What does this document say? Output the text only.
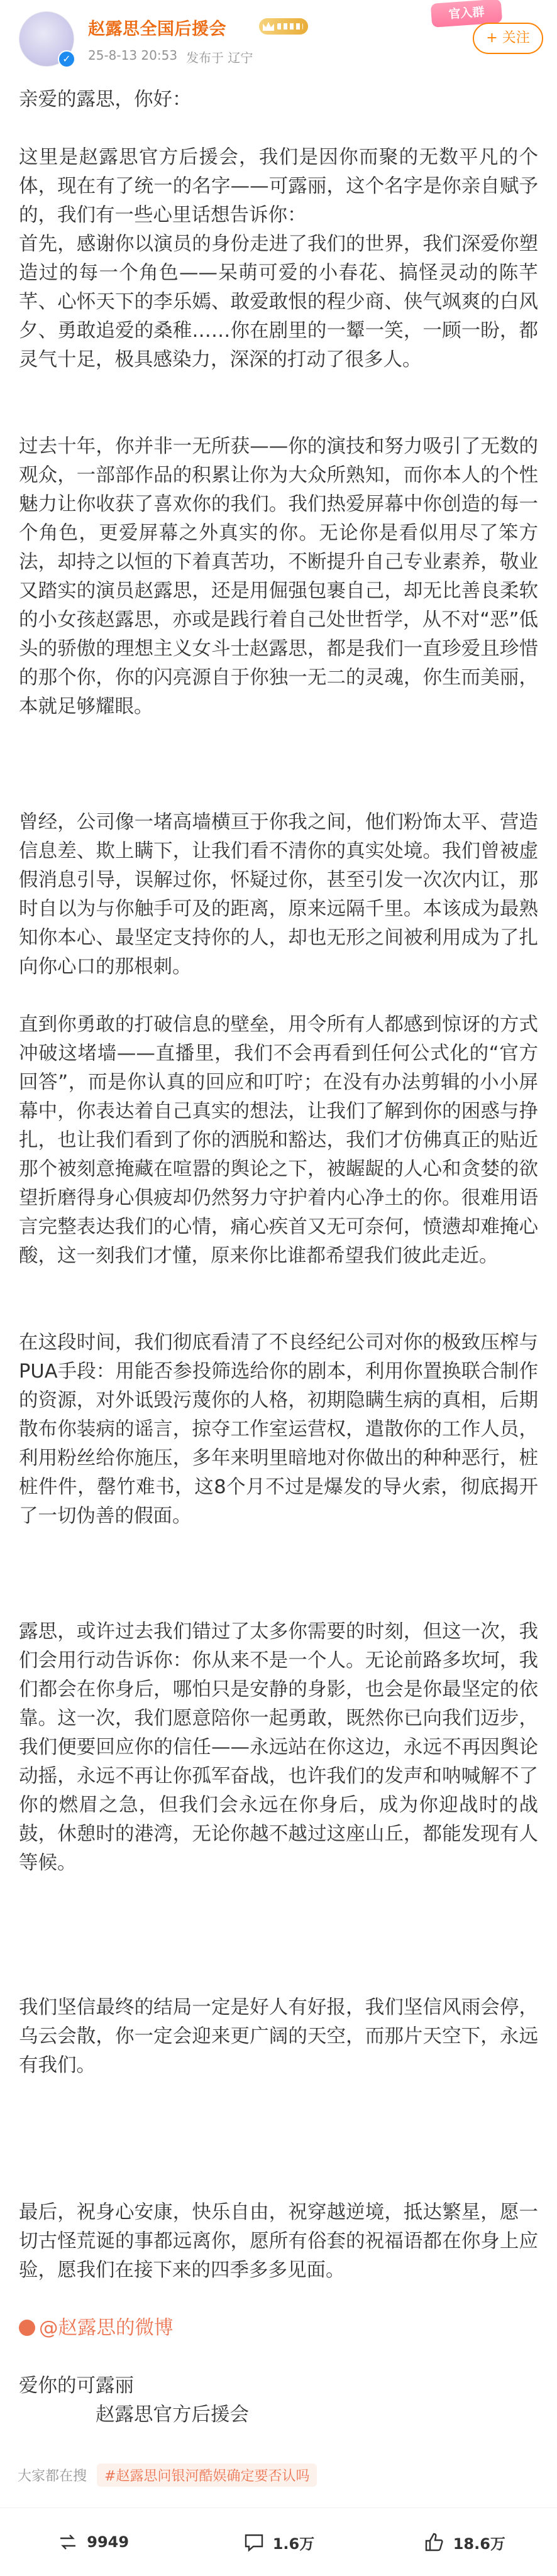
✓
赵露思全国后援会
25-8-13 20:53 发布于 辽宁
官入群
+ 关注
亲爱的露思，你好：
这里是赵露思官方后援会，我们是因你而聚的无数平凡的个体，现在有了统一的名字——可露丽，这个名字是你亲自赋予的，我们有一些心里话想告诉你：
首先，感谢你以演员的身份走进了我们的世界，我们深爱你塑造过的每一个角色——呆萌可爱的小春花、搞怪灵动的陈芊芊、心怀天下的李乐嫣、敢爱敢恨的程少商、侠气飒爽的白风夕、勇敢追爱的桑稚……你在剧里的一颦一笑，一顾一盼，都灵气十足，极具感染力，深深的打动了很多人。
过去十年，你并非一无所获——你的演技和努力吸引了无数的观众，一部部作品的积累让你为大众所熟知，而你本人的个性魅力让你收获了喜欢你的我们。我们热爱屏幕中你创造的每一个角色，更爱屏幕之外真实的你。无论你是看似用尽了笨方法，却持之以恒的下着真苦功，不断提升自己专业素养，敬业又踏实的演员赵露思，还是用倔强包裹自己，却无比善良柔软的小女孩赵露思，亦或是践行着自己处世哲学，从不对“恶”低头的骄傲的理想主义女斗士赵露思，都是我们一直珍爱且珍惜的那个你，你的闪亮源自于你独一无二的灵魂，你生而美丽，本就足够耀眼。
曾经，公司像一堵高墙横亘于你我之间，他们粉饰太平、营造信息差、欺上瞒下，让我们看不清你的真实处境。我们曾被虚假消息引导，误解过你，怀疑过你，甚至引发一次次内讧，那时自以为与你触手可及的距离，原来远隔千里。本该成为最熟知你本心、最坚定支持你的人，却也无形之间被利用成为了扎向你心口的那根刺。
直到你勇敢的打破信息的壁垒，用令所有人都感到惊讶的方式冲破这堵墙——直播里，我们不会再看到任何公式化的“官方回答”，而是你认真的回应和叮咛；在没有办法剪辑的小小屏幕中，你表达着自己真实的想法，让我们了解到你的困惑与挣扎，也让我们看到了你的洒脱和豁达，我们才仿佛真正的贴近那个被刻意掩藏在喧嚣的舆论之下，被龌龊的人心和贪婪的欲望折磨得身心俱疲却仍然努力守护着内心净土的你。很难用语言完整表达我们的心情，痛心疾首又无可奈何，愤懑却难掩心酸，这一刻我们才懂，原来你比谁都希望我们彼此走近。
在这段时间，我们彻底看清了不良经纪公司对你的极致压榨与PUA手段：用能否参投筛选给你的剧本，利用你置换联合制作的资源，对外诋毁污蔑你的人格，初期隐瞒生病的真相，后期散布你装病的谣言，掠夺工作室运营权，遣散你的工作人员，利用粉丝给你施压，多年来明里暗地对你做出的种种恶行，桩桩件件，罄竹难书，这8个月不过是爆发的导火索，彻底揭开了一切伪善的假面。
露思，或许过去我们错过了太多你需要的时刻，但这一次，我们会用行动告诉你：你从来不是一个人。无论前路多坎坷，我们都会在你身后，哪怕只是安静的身影，也会是你最坚定的依靠。这一次，我们愿意陪你一起勇敢，既然你已向我们迈步，我们便要回应你的信任——永远站在你这边，永远不再因舆论动摇，永远不再让你孤军奋战，也许我们的发声和呐喊解不了你的燃眉之急，但我们会永远在你身后，成为你迎战时的战鼓，休憩时的港湾，无论你越不越过这座山丘，都能发现有人等候。
我们坚信最终的结局一定是好人有好报，我们坚信风雨会停，乌云会散，你一定会迎来更广阔的天空，而那片天空下，永远有我们。
大家都在搜	#赵露思问银河酷娱确定要否认吗
9949	1.6万	18.6万
最后，祝身心安康，快乐自由，祝穿越逆境，抵达繁星，愿一切古怪荒诞的事都远离你，愿所有俗套的祝福语都在你身上应验，愿我们在接下来的四季多多见面。
@赵露思的微博
爱你的可露丽
赵露思官方后援会
